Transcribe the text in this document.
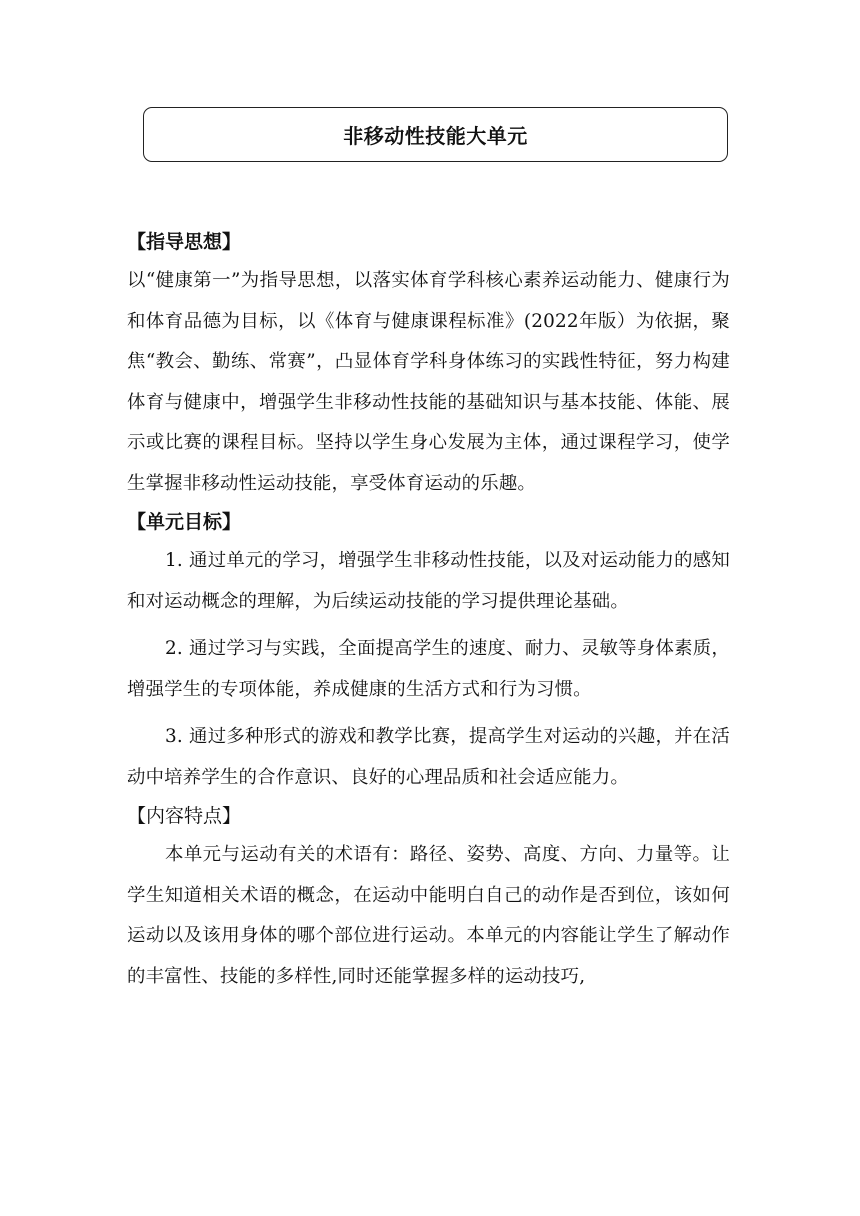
非移动性技能大单元
【指导思想】
以“健康第一”为指导思想，以落实体育学科核心素养运动能力、健康行为和体育品德为目标，以《体育与健康课程标准》(2022年版）为依据，聚焦“教会、勤练、常赛”，凸显体育学科身体练习的实践性特征，努力构建体育与健康中，增强学生非移动性技能的基础知识与基本技能、体能、展示或比赛的课程目标。坚持以学生身心发展为主体，通过课程学习，使学生掌握非移动性运动技能，享受体育运动的乐趣。
【单元目标】
1. 通过单元的学习，增强学生非移动性技能，以及对运动能力的感知和对运动概念的理解，为后续运动技能的学习提供理论基础。
2. 通过学习与实践，全面提高学生的速度、耐力、灵敏等身体素质，增强学生的专项体能，养成健康的生活方式和行为习惯。
3. 通过多种形式的游戏和教学比赛，提高学生对运动的兴趣，并在活动中培养学生的合作意识、良好的心理品质和社会适应能力。
【内容特点】
本单元与运动有关的术语有：路径、姿势、高度、方向、力量等。让学生知道相关术语的概念，在运动中能明白自己的动作是否到位，该如何运动以及该用身体的哪个部位进行运动。本单元的内容能让学生了解动作的丰富性、技能的多样性,同时还能掌握多样的运动技巧,
